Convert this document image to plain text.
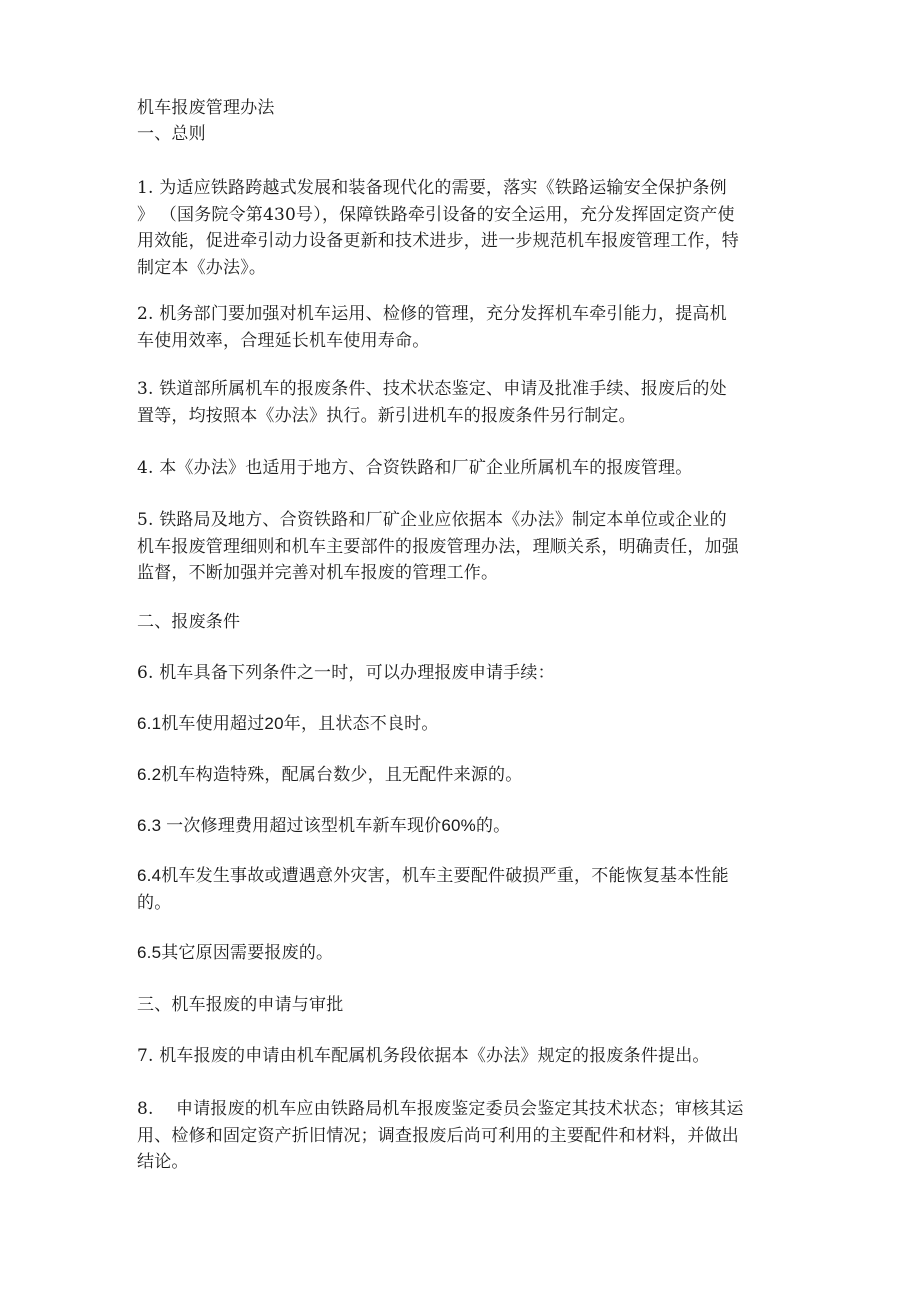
机车报废管理办法

一、总则

1. 为适应铁路跨越式发展和装备现代化的需要，落实《铁路运输安全保护条例
》 （国务院令第430号），保障铁路牵引设备的安全运用，充分发挥固定资产使
用效能，促进牵引动力设备更新和技术进步，进一步规范机车报废管理工作，特
制定本《办法》。
2. 机务部门要加强对机车运用、检修的管理，充分发挥机车牵引能力，提高机
车使用效率，合理延长机车使用寿命。
3. 铁道部所属机车的报废条件、技术状态鉴定、申请及批准手续、报废后的处
置等，均按照本《办法》执行。新引进机车的报废条件另行制定。
4. 本《办法》也适用于地方、合资铁路和厂矿企业所属机车的报废管理。
5. 铁路局及地方、合资铁路和厂矿企业应依据本《办法》制定本单位或企业的
机车报废管理细则和机车主要部件的报废管理办法，理顺关系，明确责任，加强
监督，不断加强并完善对机车报废的管理工作。

二、报废条件

6. 机车具备下列条件之一时，可以办理报废申请手续：
6.1机车使用超过20年，且状态不良时。
6.2机车构造特殊，配属台数少，且无配件来源的。
6.3 一次修理费用超过该型机车新车现价60%的。
6.4机车发生事故或遭遇意外灾害，机车主要配件破损严重，不能恢复基本性能
的。
6.5其它原因需要报废的。

三、机车报废的申请与审批

7. 机车报废的申请由机车配属机务段依据本《办法》规定的报废条件提出。
8.    申请报废的机车应由铁路局机车报废鉴定委员会鉴定其技术状态；审核其运
用、检修和固定资产折旧情况；调查报废后尚可利用的主要配件和材料，并做出
结论。
